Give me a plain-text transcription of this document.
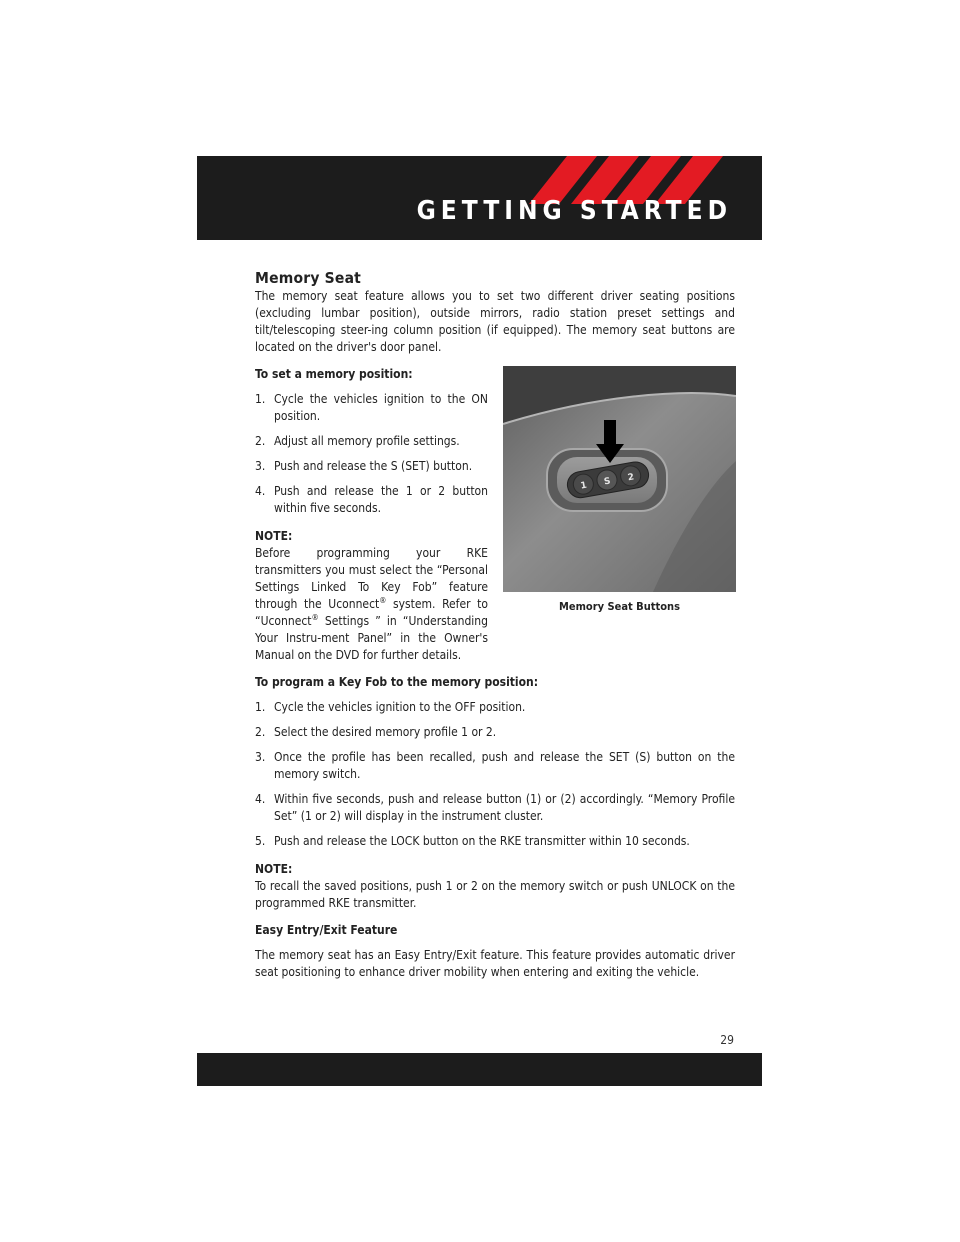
GETTING STARTED

Memory Seat

The memory seat feature allows you to set two different driver seating positions (excluding lumbar position), outside mirrors, radio station preset settings and tilt/telescoping steer-ing column position (if equipped). The memory seat buttons are located on the driver's door panel.

To set a memory position:

1. Cycle the vehicles ignition to the ON position.
2. Adjust all memory profile settings.
3. Push and release the S (SET) button.
4. Push and release the 1 or 2 button within five seconds.

NOTE:

Before programming your RKE transmitters you must select the “Personal Settings Linked To Key Fob” feature through the Uconnect® system. Refer to “Uconnect® Settings ” in “Understanding Your Instru-ment Panel” in the Owner's Manual on the DVD for further details.

1 S 2

Memory Seat Buttons

To program a Key Fob to the memory position:

1. Cycle the vehicles ignition to the OFF position.
2. Select the desired memory profile 1 or 2.
3. Once the profile has been recalled, push and release the SET (S) button on the memory switch.
4. Within five seconds, push and release button (1) or (2) accordingly. “Memory Profile Set” (1 or 2) will display in the instrument cluster.
5. Push and release the LOCK button on the RKE transmitter within 10 seconds.

NOTE:

To recall the saved positions, push 1 or 2 on the memory switch or push UNLOCK on the programmed RKE transmitter.

Easy Entry/Exit Feature

The memory seat has an Easy Entry/Exit feature. This feature provides automatic driver seat positioning to enhance driver mobility when entering and exiting the vehicle.

29
